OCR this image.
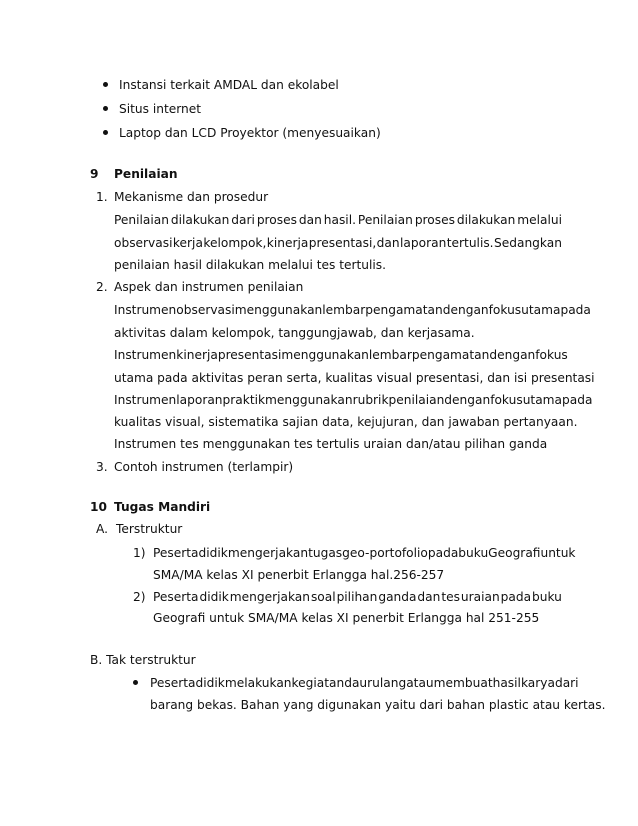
Instansi terkait AMDAL dan ekolabel
Situs internet
Laptop dan LCD Proyektor (menyesuaikan)
9 Penilaian
1. Mekanisme dan prosedur
Penilaian dilakukan dari proses dan hasil. Penilaian proses dilakukan melalui
observasi kerja kelompok, kinerja presentasi, dan laporan tertulis. Sedangkan
penilaian hasil dilakukan melalui tes tertulis.
2. Aspek dan instrumen penilaian
Instrumen observasi menggunakan lembar pengamatan dengan fokus utama pada
aktivitas dalam kelompok, tanggungjawab, dan kerjasama.
Instrumen kinerja presentasi menggunakan lembar pengamatan dengan fokus
utama pada aktivitas peran serta, kualitas visual presentasi, dan isi presentasi
Instrumen laporan praktik menggunakan rubrik penilaian dengan fokus utama pada
kualitas visual, sistematika sajian data, kejujuran, dan jawaban pertanyaan.
Instrumen tes menggunakan tes tertulis uraian dan/atau pilihan ganda
3. Contoh instrumen (terlampir)
10 Tugas Mandiri
A. Terstruktur
1) Peserta didik mengerjakan tugas geo-portofolio pada buku Geografi untuk
SMA/MA kelas XI penerbit Erlangga hal.256-257
2) Peserta didik mengerjakan soal pilihan ganda dan tes uraian pada buku
Geografi untuk SMA/MA kelas XI penerbit Erlangga hal 251-255
B. Tak terstruktur
Peserta didik melakukan kegiatan daur ulang atau membuat hasil karya dari
barang bekas. Bahan yang digunakan yaitu dari bahan plastic atau kertas.
